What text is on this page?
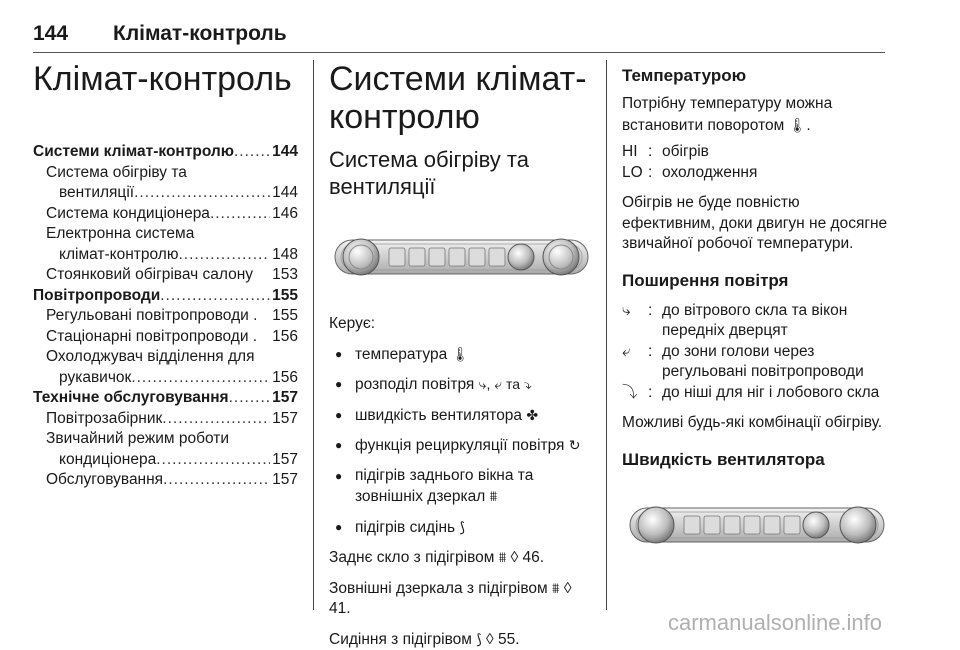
144 Клімат-контроль
Клімат-контроль
Системи клімат-контролю ..... 144
Система обігріву та
вентиляції .....	144
Система кондиціонера .....	146
Електронна система
клімат-контролю .....	148
Стоянковий обігрівач салону 153
Повітропроводи .....	155
Регульовані повітропроводи . 155
Стаціонарні повітропроводи . 156
Охолоджувач відділення для
рукавичок .....	156
Технічне обслуговування .....	157
Повітрозабірник .....	157
Звичайний режим роботи
кондиціонера .....	157
Обслуговування .....	157
Системи клімат-
контролю
Система обігріву та
вентиляції

Керує:

● температура 🌡
● розподіл повітря ⤷, ⤶ та ⤵
● швидкість вентилятора ✤
● функція рециркуляції повітря ↻
● підігрів заднього вікна та зовнішніх дзеркал ⩩
● підігрів сидінь ⟆

Заднє скло з підігрівом ⩩ ◊ 46.

Зовнішні дзеркала з підігрівом ⩩ ◊ 41.

Сидіння з підігрівом ⟆ ◊ 55.

Температурою

Потрібну температуру можна встановити поворотом 🌡.

HI : обігрів
LO : охолодження

Обігрів не буде повністю ефективним, доки двигун не досягне звичайної робочої температури.

Поширення повітря

⤷	: до вітрового скла та вікон передніх дверцят
⤶	: до зони голови через регульовані повітропроводи
⤵ : до ніші для ніг і лобового скла

Можливі будь-які комбінації обігріву.

Швидкість вентилятора

carmanualsonline.info
